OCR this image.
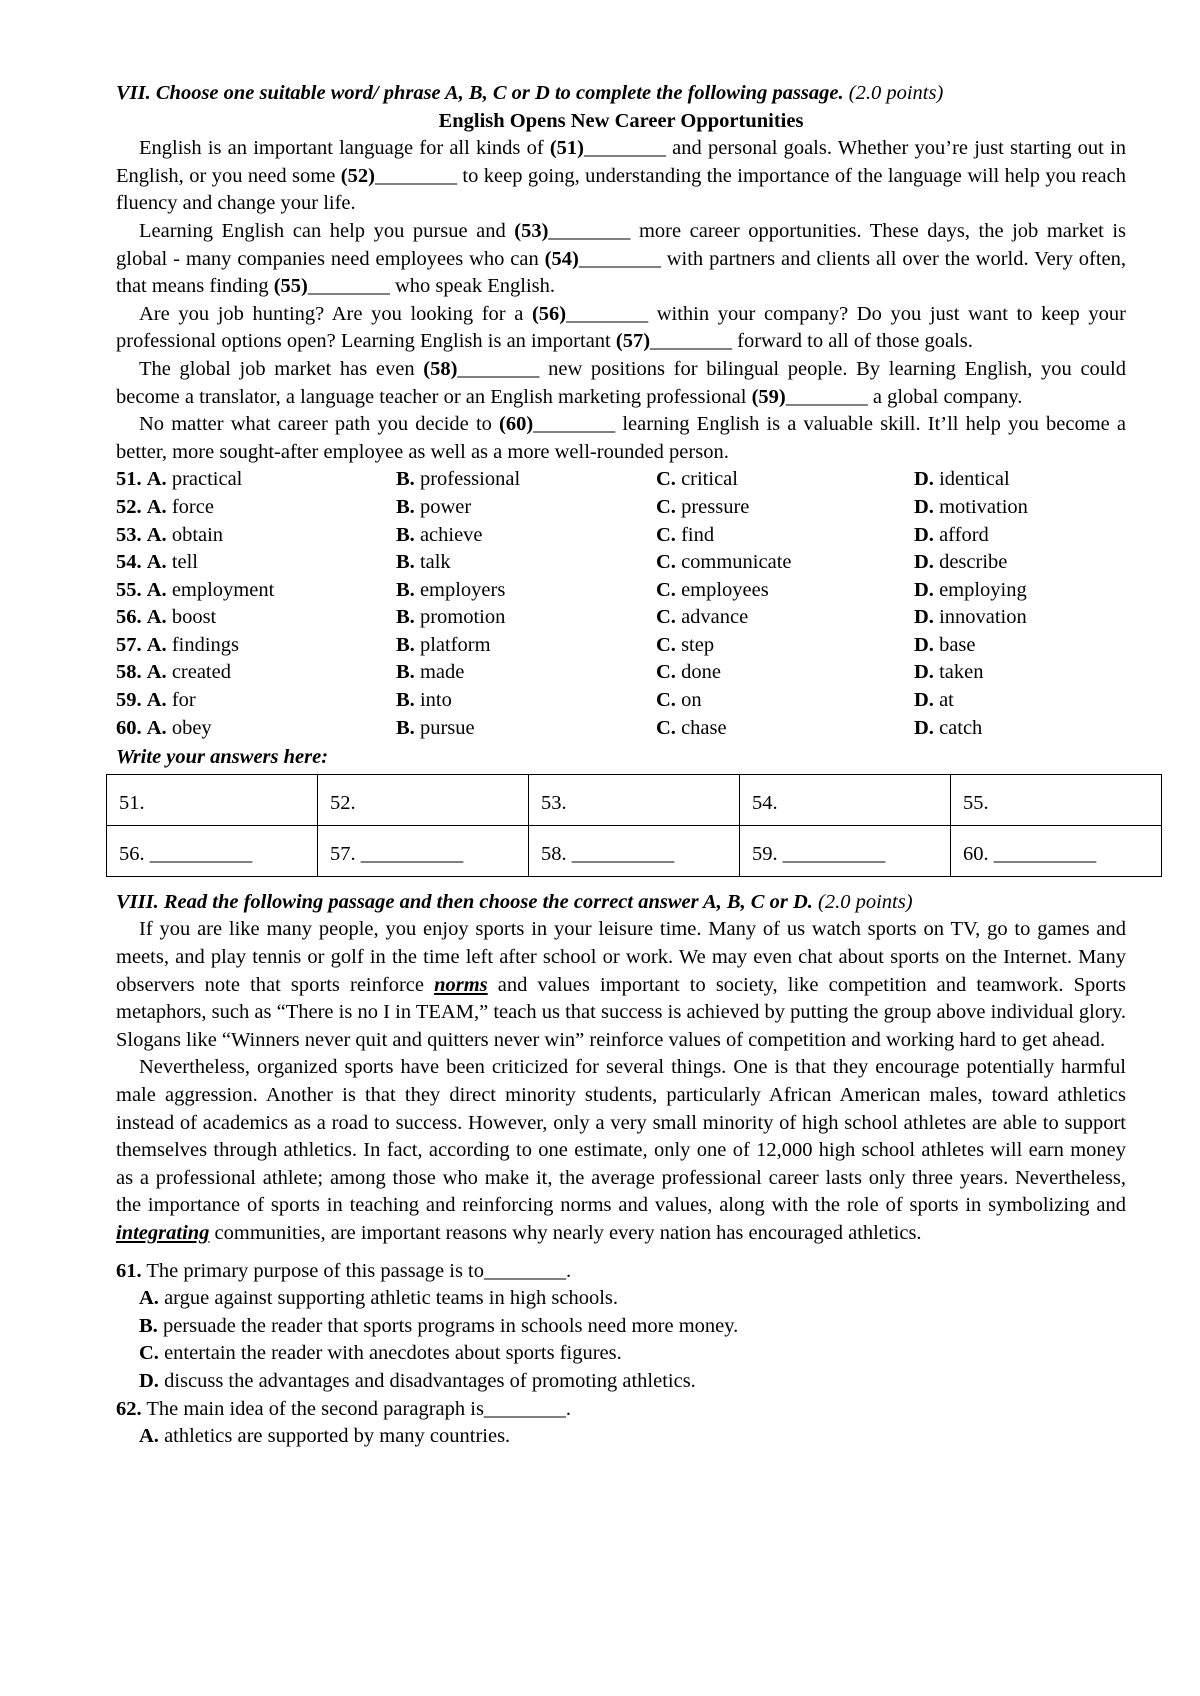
VII. Choose one suitable word/ phrase A, B, C or D to complete the following passage. (2.0 points)
English Opens New Career Opportunities

English is an important language for all kinds of (51)________ and personal goals. Whether you’re just starting out in English, or you need some (52)________ to keep going, understanding the importance of the language will help you reach fluency and change your life.

Learning English can help you pursue and (53)________ more career opportunities. These days, the job market is global - many companies need employees who can (54)________ with partners and clients all over the world. Very often, that means finding (55)________ who speak English.

Are you job hunting? Are you looking for a (56)________ within your company? Do you just want to keep your professional options open? Learning English is an important (57)________ forward to all of those goals.

The global job market has even (58)________ new positions for bilingual people. By learning English, you could become a translator, a language teacher or an English marketing professional (59)________ a global company.

No matter what career path you decide to (60)________ learning English is a valuable skill. It’ll help you become a better, more sought-after employee as well as a more well-rounded person.

51. A. practical	B. professional	C. critical	D. identical
52. A. force	B. power	C. pressure	D. motivation
53. A. obtain	B. achieve	C. find	D. afford
54. A. tell	B. talk	C. communicate	D. describe
55. A. employment	B. employers	C. employees	D. employing
56. A. boost	B. promotion	C. advance	D. innovation
57. A. findings	B. platform	C. step	D. base
58. A. created	B. made	C. done	D. taken
59. A. for	B. into	C. on	D. at
60. A. obey	B. pursue	C. chase	D. catch
Write your answers here:
51.	52.	53.	54.	55.
56. __________	57. __________	58. __________	59. __________	60. __________
VIII. Read the following passage and then choose the correct answer A, B, C or D. (2.0 points)

If you are like many people, you enjoy sports in your leisure time. Many of us watch sports on TV, go to games and meets, and play tennis or golf in the time left after school or work. We may even chat about sports on the Internet. Many observers note that sports reinforce norms and values important to society, like competition and teamwork. Sports metaphors, such as “There is no I in TEAM,” teach us that success is achieved by putting the group above individual glory. Slogans like “Winners never quit and quitters never win” reinforce values of competition and working hard to get ahead.

Nevertheless, organized sports have been criticized for several things. One is that they encourage potentially harmful male aggression. Another is that they direct minority students, particularly African American males, toward athletics instead of academics as a road to success. However, only a very small minority of high school athletes are able to support themselves through athletics. In fact, according to one estimate, only one of 12,000 high school athletes will earn money as a professional athlete; among those who make it, the average professional career lasts only three years. Nevertheless, the importance of sports in teaching and reinforcing norms and values, along with the role of sports in symbolizing and integrating communities, are important reasons why nearly every nation has encouraged athletics.

61. The primary purpose of this passage is to________.
A. argue against supporting athletic teams in high schools.
B. persuade the reader that sports programs in schools need more money.
C. entertain the reader with anecdotes about sports figures.
D. discuss the advantages and disadvantages of promoting athletics.
62. The main idea of the second paragraph is________.
A. athletics are supported by many countries.
